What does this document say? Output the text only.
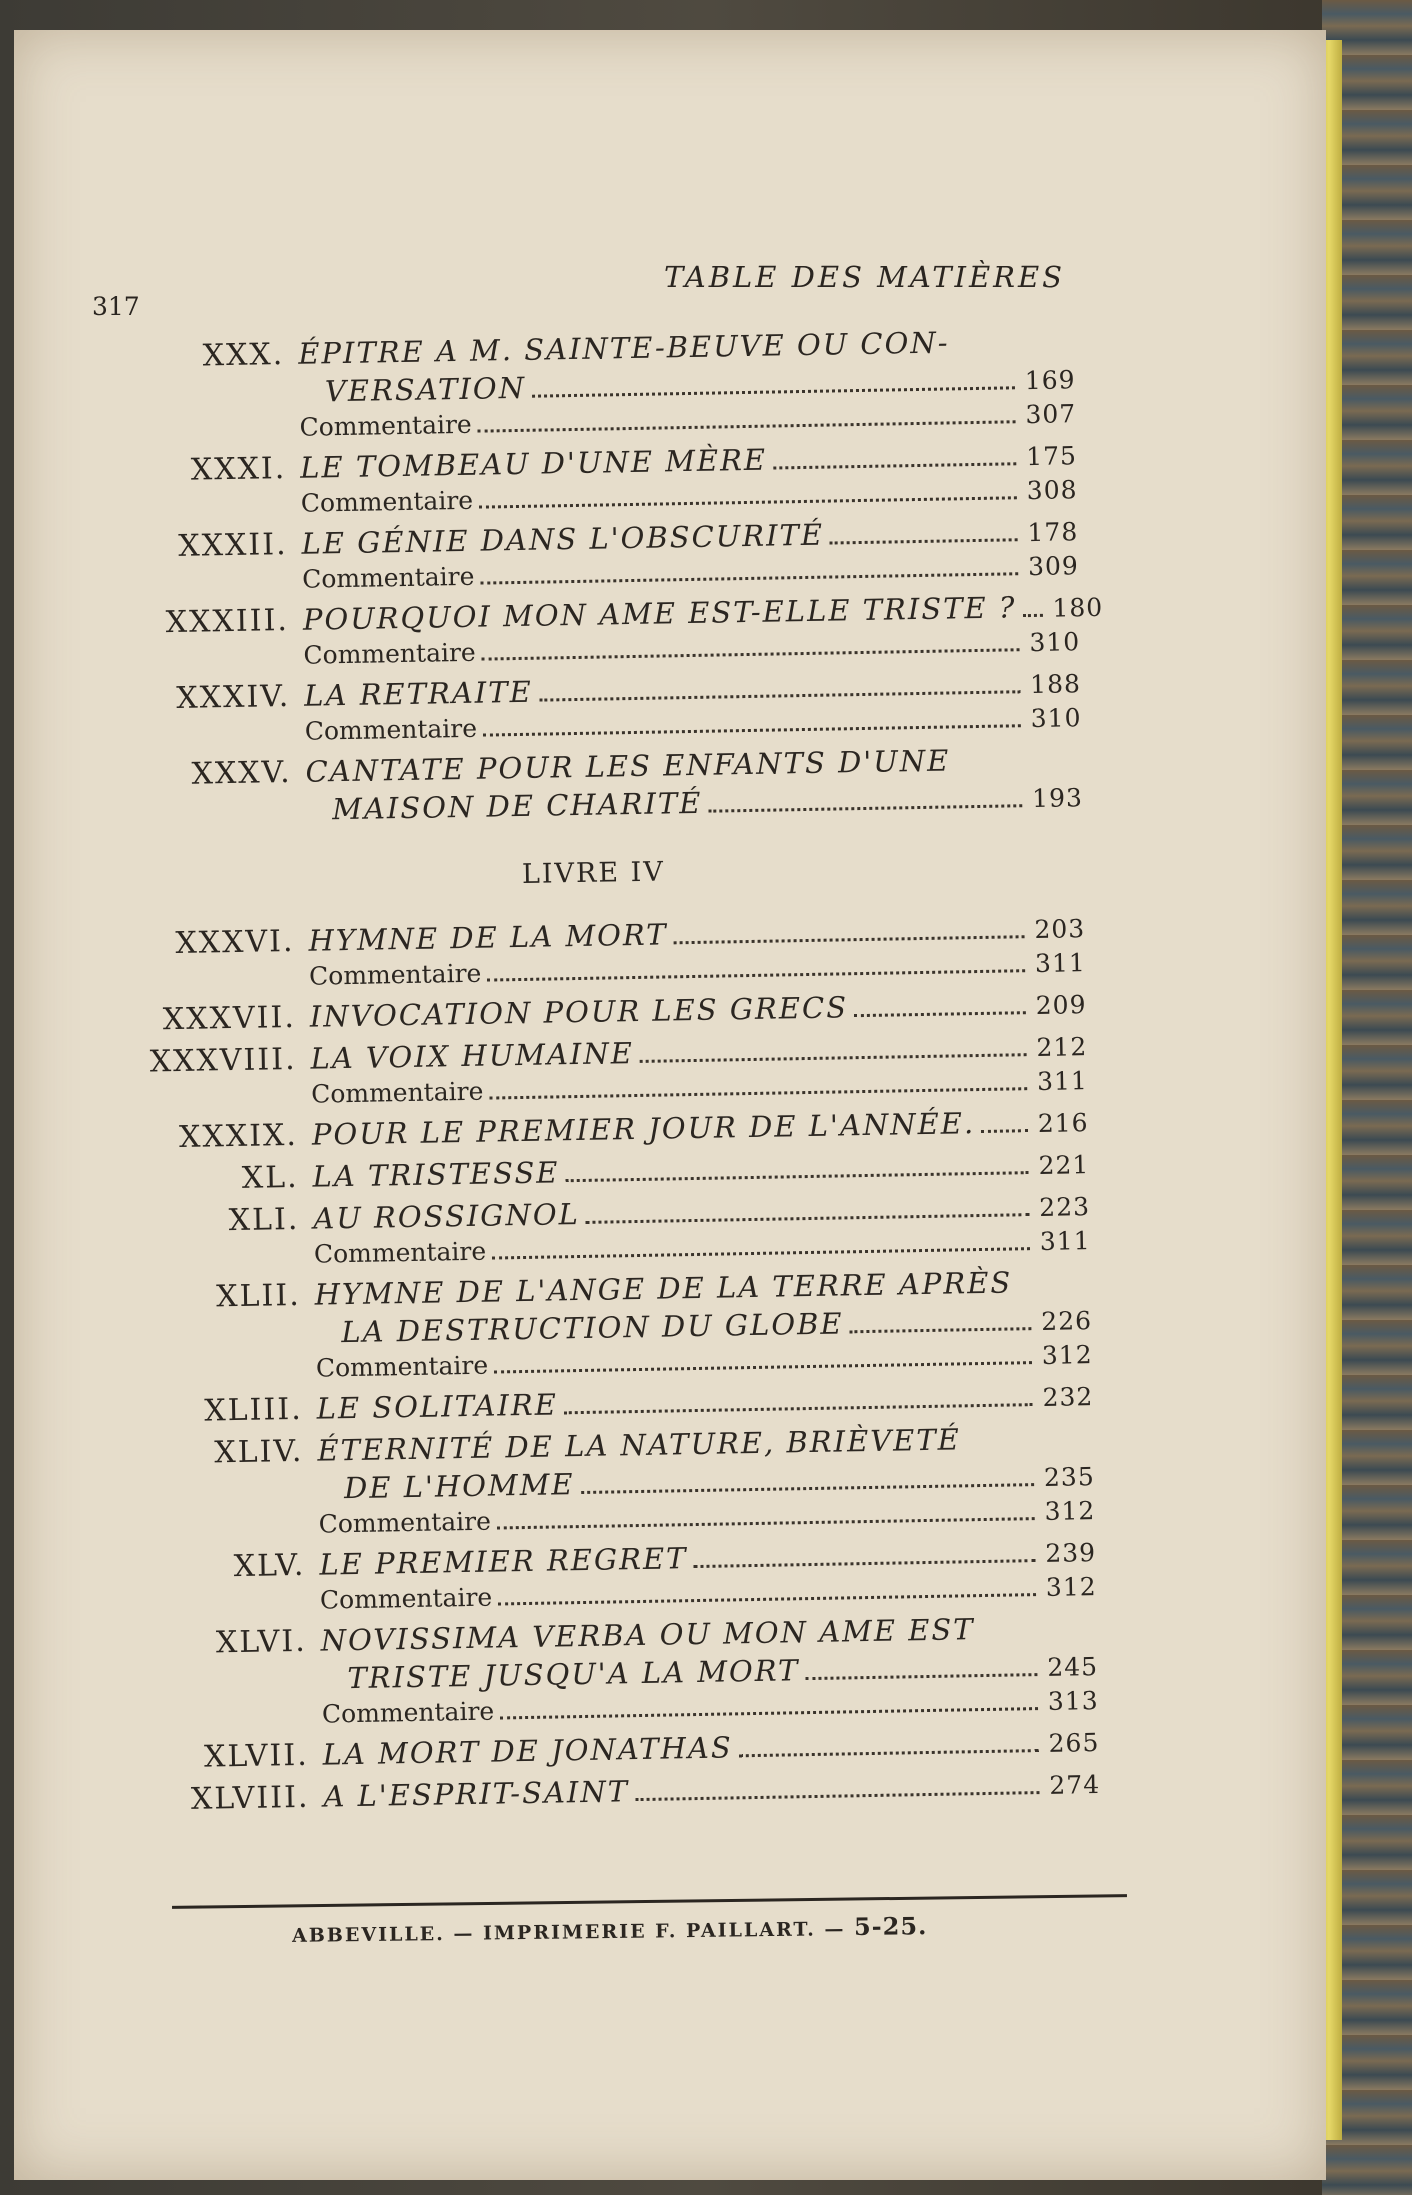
317
TABLE DES MATIÈRES
XXX. ÉPITRE A M. SAINTE-BEUVE OU CON-
VERSATION	169
Commentaire	307
XXXI. LE TOMBEAU D'UNE MÈRE	175
Commentaire	308
XXXII. LE GÉNIE DANS L'OBSCURITÉ	178
Commentaire	309
XXXIII. POURQUOI MON AME EST-ELLE TRISTE ? 180
Commentaire	310
XXXIV. LA RETRAITE	188
Commentaire	310
XXXV. CANTATE POUR LES ENFANTS D'UNE
MAISON DE CHARITÉ	193
LIVRE IV
XXXVI. HYMNE DE LA MORT	203
Commentaire	311
XXXVII. INVOCATION POUR LES GRECS	209
XXXVIII. LA VOIX HUMAINE	212
Commentaire	311
XXXIX. POUR LE PREMIER JOUR DE L'ANNÉE. 216
XL. LA TRISTESSE	221
XLI. AU ROSSIGNOL	223
Commentaire	311
XLII. HYMNE DE L'ANGE DE LA TERRE APRÈS
LA DESTRUCTION DU GLOBE	226
Commentaire	312
XLIII. LE SOLITAIRE	232
XLIV. ÉTERNITÉ DE LA NATURE, BRIÈVETÉ
DE L'HOMME	235
Commentaire	312
XLV. LE PREMIER REGRET	239
Commentaire	312
XLVI. NOVISSIMA VERBA OU MON AME EST
TRISTE JUSQU'A LA MORT	245
Commentaire	313
XLVII. LA MORT DE JONATHAS	265
XLVIII. A L'ESPRIT-SAINT	274
ABBEVILLE. — IMPRIMERIE F. PAILLART. — 5-25.
